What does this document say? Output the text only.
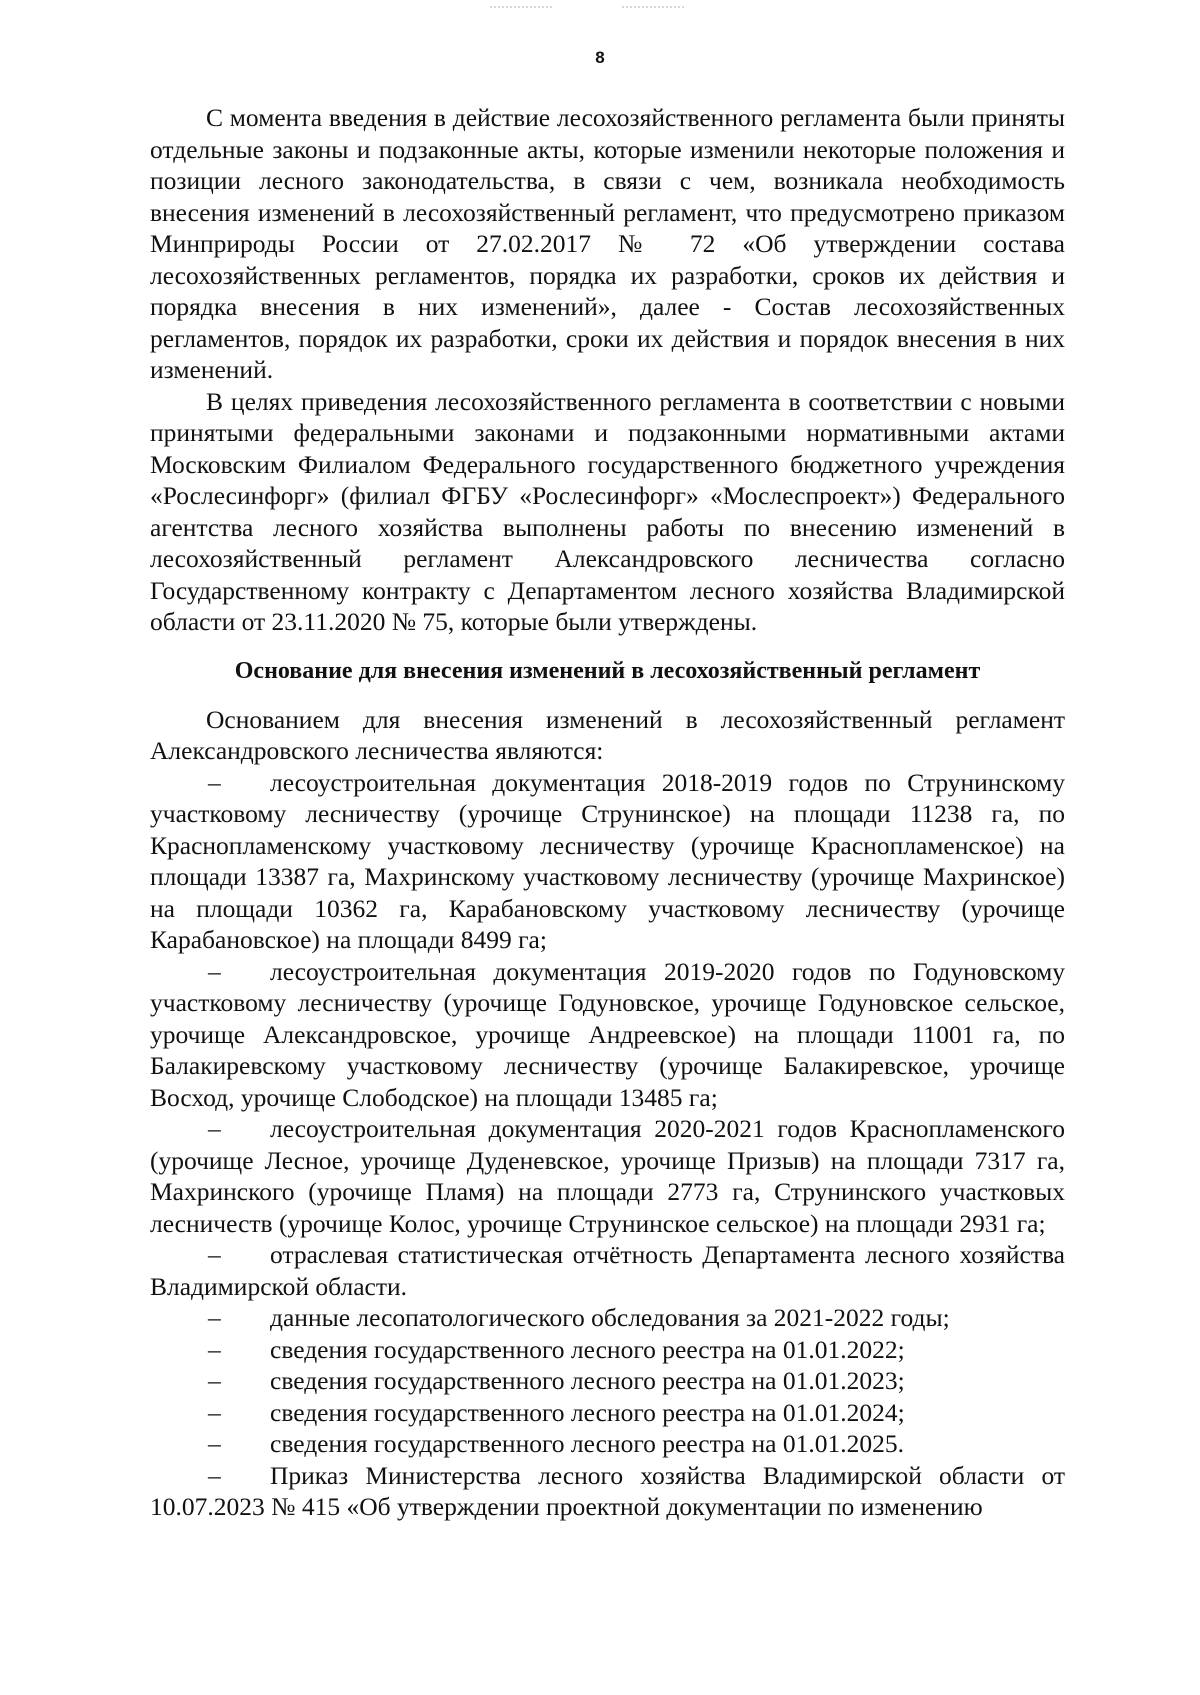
8

С момента введения в действие лесохозяйственного регламента были приняты отдельные законы и подзаконные акты, которые изменили некоторые положения и позиции лесного законодательства, в связи с чем, возникала необходимость внесения изменений в лесохозяйственный регламент, что предусмотрено приказом Минприроды России от 27.02.2017 № 72 «Об утверждении состава лесохозяйственных регламентов, порядка их разработки, сроков их действия и порядка внесения в них изменений», далее - Состав лесохозяйственных регламентов, порядок их разработки, сроки их действия и порядок внесения в них изменений.

В целях приведения лесохозяйственного регламента в соответствии с новыми принятыми федеральными законами и подзаконными нормативными актами Московским Филиалом Федерального государственного бюджетного учреждения «Рослесинфорг» (филиал ФГБУ «Рослесинфорг» «Мослеспроект») Федерального агентства лесного хозяйства выполнены работы по внесению изменений в лесохозяйственный регламент Александровского лесничества согласно Государственному контракту с Департаментом лесного хозяйства Владимирской области от 23.11.2020 № 75, которые были утверждены.

Основание для внесения изменений в лесохозяйственный регламент

Основанием для внесения изменений в лесохозяйственный регламент Александровского лесничества являются:

– лесоустроительная документация 2018-2019 годов по Струнинскому участковому лесничеству (урочище Струнинское) на площади 11238 га, по Краснопламенскому участковому лесничеству (урочище Краснопламенское) на площади 13387 га, Махринскому участковому лесничеству (урочище Махринское) на площади 10362 га, Карабановскому участковому лесничеству (урочище Карабановское) на площади 8499 га;

– лесоустроительная документация 2019-2020 годов по Годуновскому участковому лесничеству (урочище Годуновское, урочище Годуновское сельское, урочище Александровское, урочище Андреевское) на площади 11001 га, по Балакиревскому участковому лесничеству (урочище Балакиревское, урочище Восход, урочище Слободское) на площади 13485 га;

– лесоустроительная документация 2020-2021 годов Краснопламенского (урочище Лесное, урочище Дуденевское, урочище Призыв) на площади 7317 га, Махринского (урочище Пламя) на площади 2773 га, Струнинского участковых лесничеств (урочище Колос, урочище Струнинское сельское) на площади 2931 га;

– отраслевая статистическая отчётность Департамента лесного хозяйства Владимирской области.

– данные лесопатологического обследования за 2021-2022 годы;

– сведения государственного лесного реестра на 01.01.2022;

– сведения государственного лесного реестра на 01.01.2023;

– сведения государственного лесного реестра на 01.01.2024;

– сведения государственного лесного реестра на 01.01.2025.

– Приказ Министерства лесного хозяйства Владимирской области от 10.07.2023 № 415 «Об утверждении проектной документации по изменению
